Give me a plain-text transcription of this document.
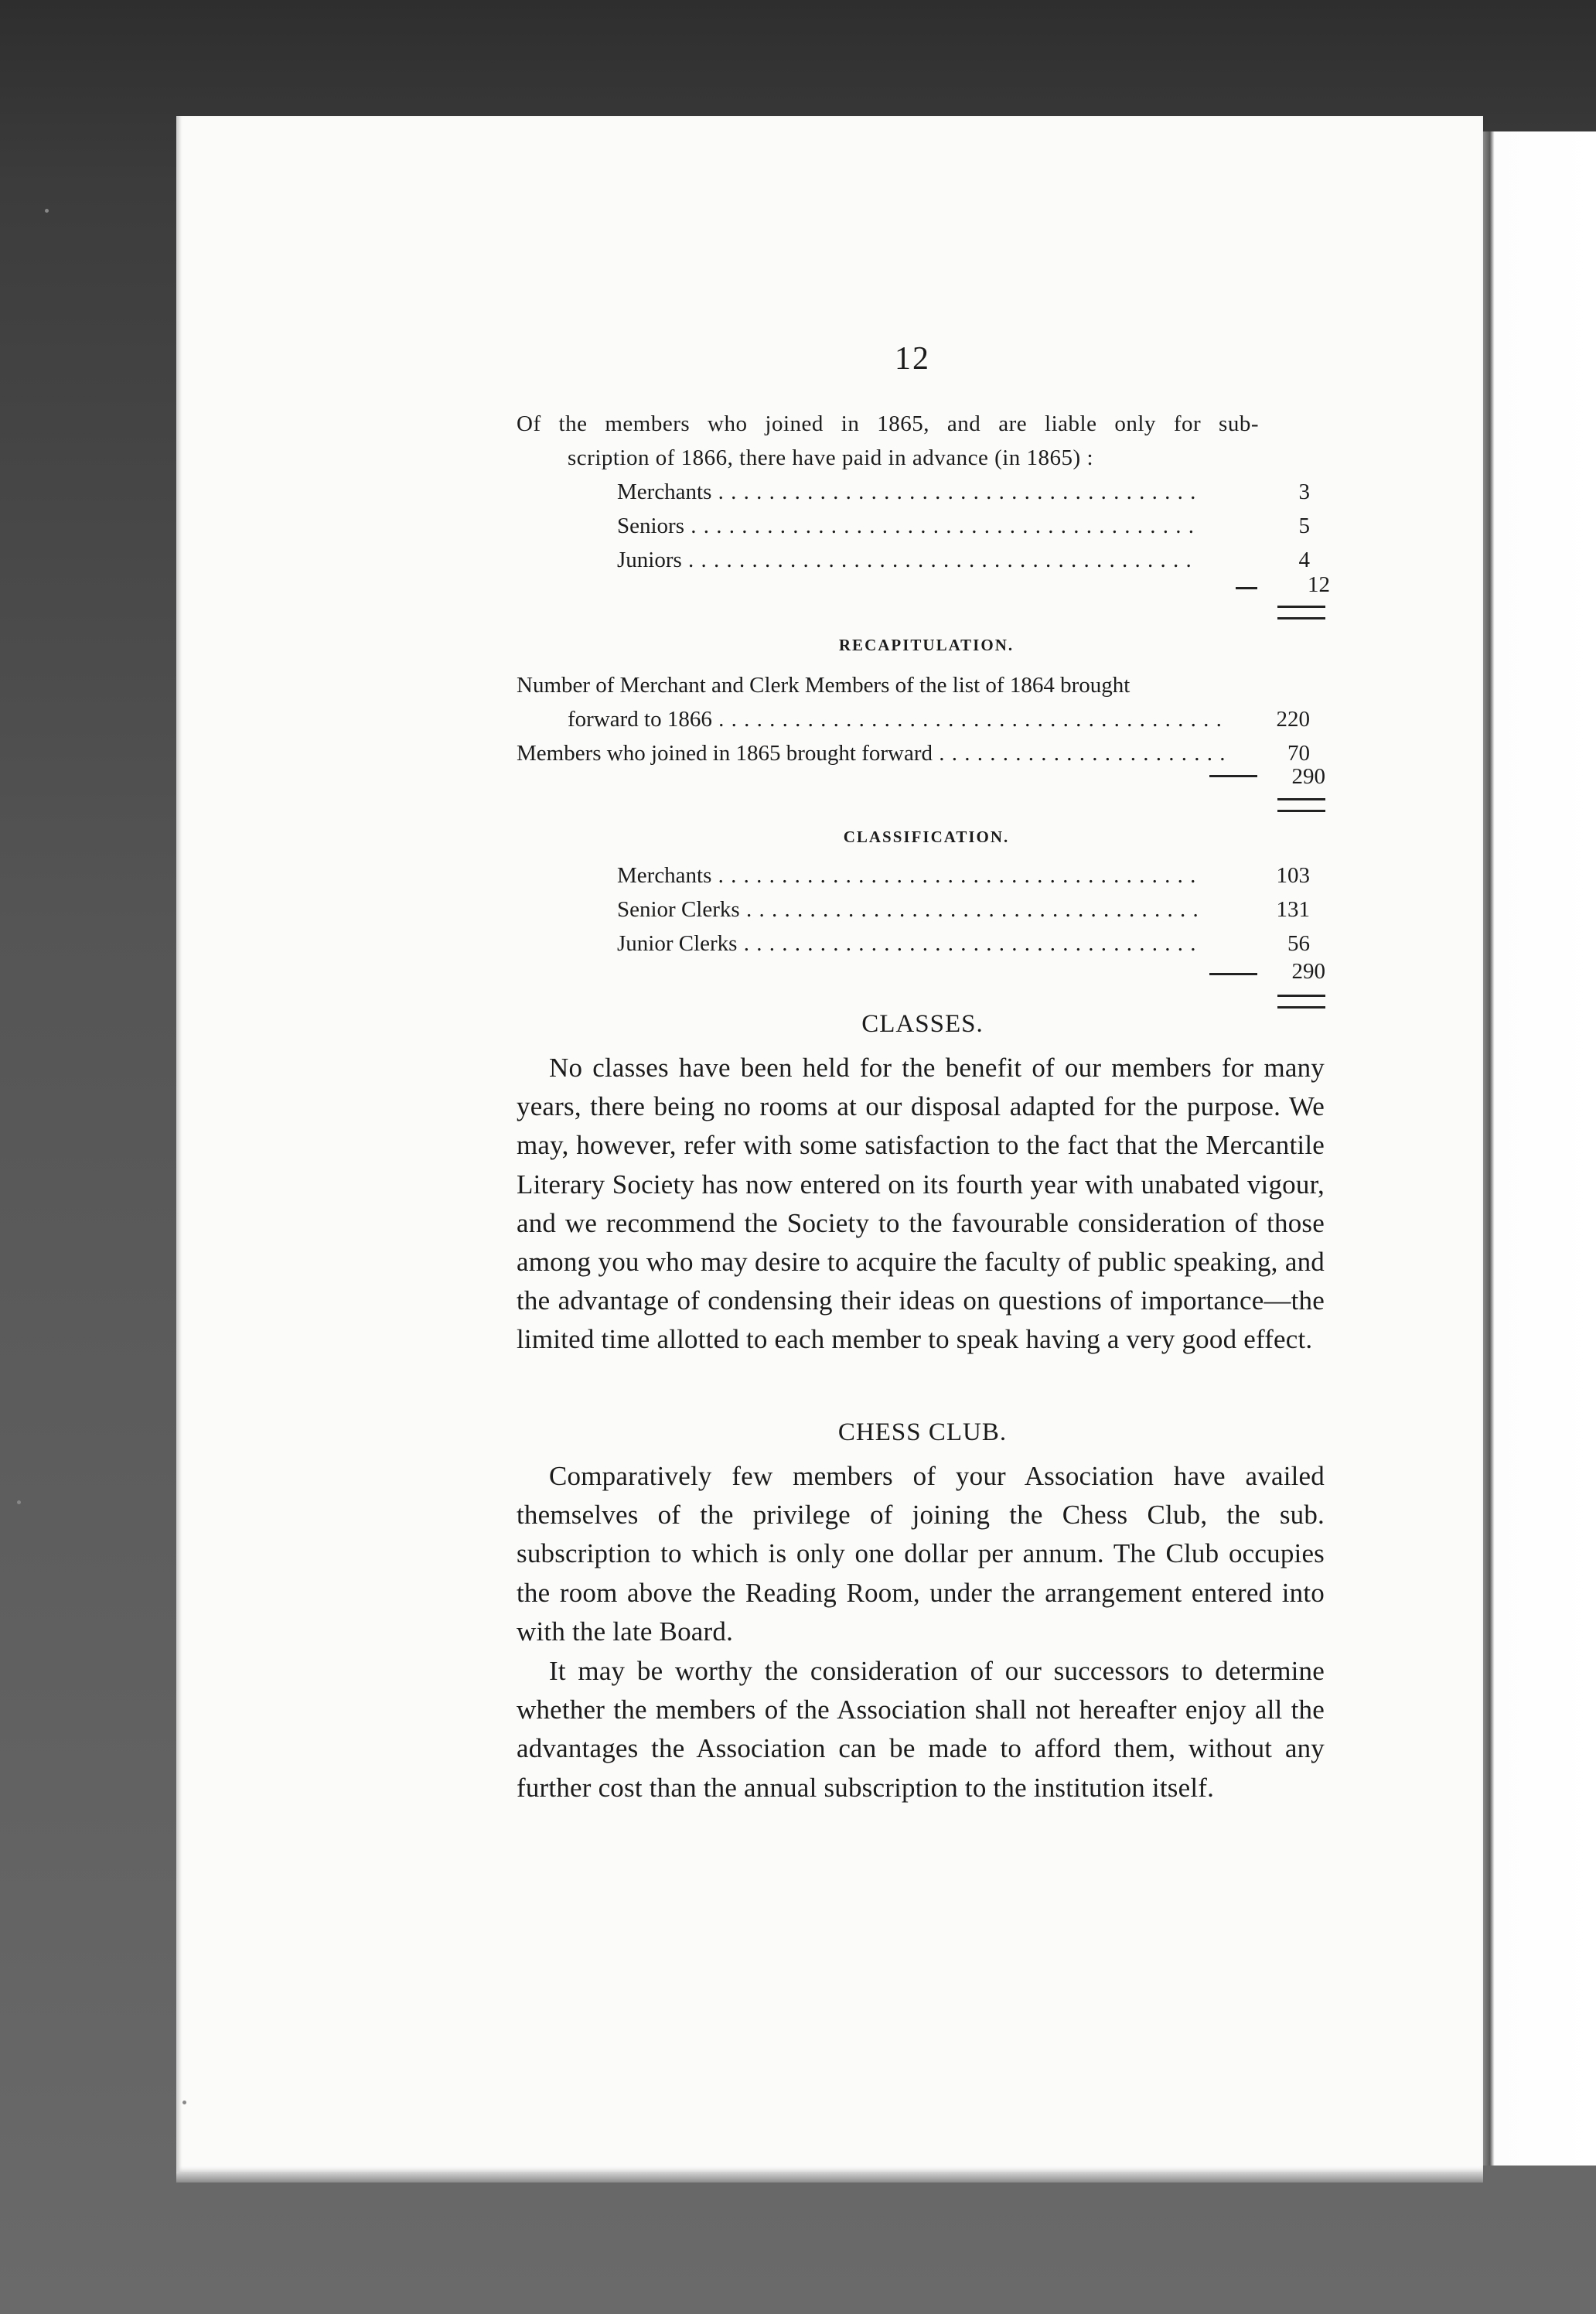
12
Of the members who joined in 1865, and are liable only for sub-
scription of 1866, there have paid in advance (in 1865) :
Merchants . . .	3
Seniors . . .	5
Juniors . . .	4
12
RECAPITULATION.
Number of Merchant and Clerk Members of the list of 1864 brought
forward to 1866 . . .	220
Members who joined in 1865 brought forward . . .	70
290
CLASSIFICATION.
Merchants . . .	103
Senior Clerks . . .	131
Junior Clerks . . .	56
290
CLASSES.
No classes have been held for the benefit of our members for many years, there being no rooms at our disposal adapted for the purpose. We may, however, refer with some satisfaction to the fact that the Mercantile Literary Society has now entered on its fourth year with unabated vigour, and we recommend the Society to the favourable consideration of those among you who may desire to acquire the faculty of public speaking, and the advantage of condensing their ideas on questions of importance—the limited time allotted to each member to speak having a very good effect.
CHESS CLUB.
Comparatively few members of your Association have availed themselves of the privilege of joining the Chess Club, the sub. subscription to which is only one dollar per annum. The Club occupies the room above the Reading Room, under the arrangement entered into with the late Board.
It may be worthy the consideration of our successors to determine whether the members of the Association shall not hereafter enjoy all the advantages the Association can be made to afford them, without any further cost than the annual subscription to the institution itself.
